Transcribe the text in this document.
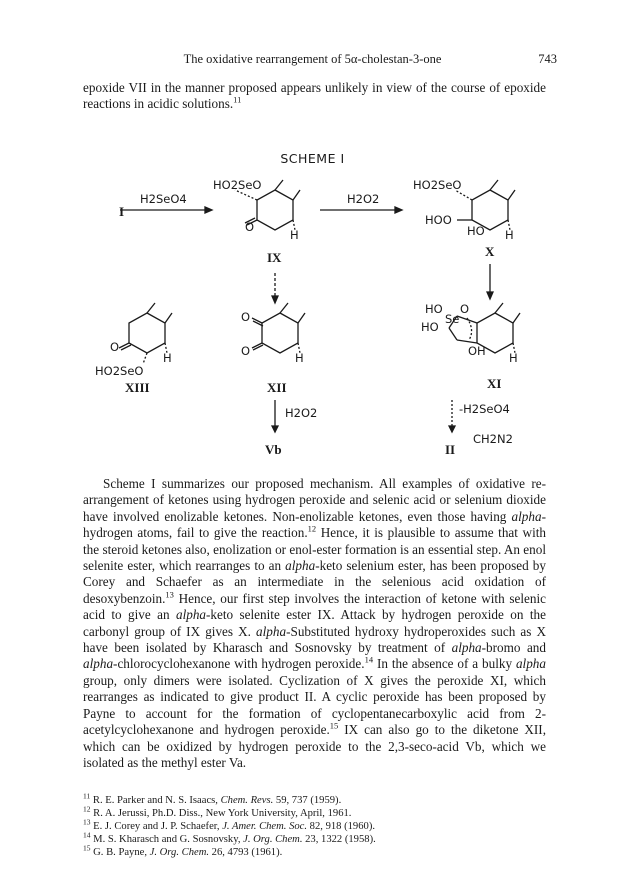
The oxidative rearrangement of 5α-cholestan-3-one	743

epoxide VII in the manner proposed appears unlikely in view of the course of epoxide reactions in acidic solutions.$^{11}$

SCHEME I
I
H2SeO4	H2O2
HO2SeO
O
H
HO2SeO
HOO
HO H
IX	X
O
H
HO2SeO
XIII
O
O	H
XII
HO
HO
Se
O
OH H
XI
H2O2	-H2SeO4
CH2N2
Vb	II

Scheme I summarizes our proposed mechanism. All examples of oxidative re-arrangement of ketones using hydrogen peroxide and selenic acid or selenium dioxide have involved enolizable ketones. Non-enolizable ketones, even those having alpha-hydrogen atoms, fail to give the reaction.$^{12}$ Hence, it is plausible to assume that with the steroid ketones also, enolization or enol-ester formation is an essential step. An enol selenite ester, which rearranges to an alpha-keto selenium ester, has been proposed by Corey and Schaefer as an intermediate in the selenious acid oxidation of desoxybenzoin.$^{13}$ Hence, our first step involves the interaction of ketone with selenic acid to give an alpha-keto selenite ester IX. Attack by hydrogen peroxide on the carbonyl group of IX gives X. alpha-Substituted hydroxy hydroperoxides such as X have been isolated by Kharasch and Sosnovsky by treatment of alpha-bromo and alpha-chlorocyclohexanone with hydrogen peroxide.$^{14}$ In the absence of a bulky alpha group, only dimers were isolated. Cyclization of X gives the peroxide XI, which rearranges as indicated to give product II. A cyclic peroxide has been proposed by Payne to account for the formation of cyclopentanecarboxylic acid from 2-acetylcyclohexanone and hydrogen peroxide.$^{15}$ IX can also go to the diketone XII, which can be oxidized by hydrogen peroxide to the 2,3-seco-acid Vb, which we isolated as the methyl ester Va.

$^{11}$ R. E. Parker and N. S. Isaacs, Chem. Revs. 59, 737 (1959).

$^{12}$ R. A. Jerussi, Ph.D. Diss., New York University, April, 1961.

$^{13}$ E. J. Corey and J. P. Schaefer, J. Amer. Chem. Soc. 82, 918 (1960).

$^{14}$ M. S. Kharasch and G. Sosnovsky, J. Org. Chem. 23, 1322 (1958).

$^{15}$ G. B. Payne, J. Org. Chem. 26, 4793 (1961).
